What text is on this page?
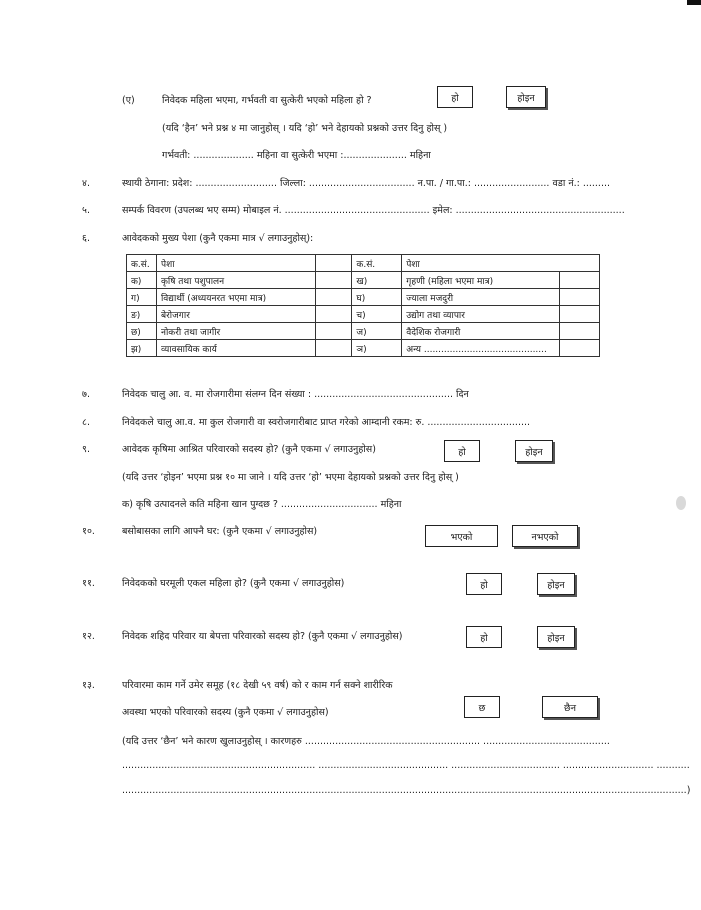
(ए)	निवेदक महिला भएमा, गर्भवती वा सुत्केरी भएको महिला हो ?	हो	होइन
(यदि ‘हैन’ भने प्रश्न ४ मा जानुहोस् । यदि ‘हो’ भने देहायको प्रश्नको उत्तर दिनु होस् )
गर्भवती: .................... महिना वा सुत्केरी भएमा :..................... महिना
४.	स्थायी ठेगाना: प्रदेश: ........................... जिल्ला: ................................... न.पा. / गा.पा.: ......................... वडा नं.: .........
५.	सम्पर्क विवरण (उपलब्ध भए सम्म) मोबाइल नं. ................................................ इमेल: ........................................................
६.	आवेदकको मुख्य पेशा (कुनै एकमा मात्र √ लगाउनुहोस्):
क.सं.	पेशा		क.सं.	पेशा	
क)	कृषि तथा पशुपालन		ख)	गृहणी (महिला भएमा मात्र)	
ग)	विद्यार्थी (अध्ययनरत भएमा मात्र)		घ)	ज्याला मजदुरी	
ङ)	बेरोजगार		च)	उद्योग तथा व्यापार	
छ)	नोकरी तथा जागीर		ज)	वैदेशिक रोजगारी	
झ)	व्यावसायिक कार्य		ञ)	अन्य ...........................................	
७.	निवेदक चालु आ. व. मा रोजगारीमा संलग्न दिन संख्या : .............................................. दिन
८.	निवेदकले चालु आ.व. मा कुल रोजगारी वा स्वरोजगारीबाट प्राप्त गरेको आम्दानी रकम: रु. ..................................
९.	आवेदक कृषिमा आश्रित परिवारको सदस्य हो? (कुनै एकमा √ लगाउनुहोस)	हो	होइन
(यदि उत्तर ‘होइन’ भएमा प्रश्न १० मा जाने । यदि उत्तर ‘हो’ भएमा देहायको प्रश्नको उत्तर दिनु होस् )
क) कृषि उत्पादनले कति महिना खान पुग्दछ ? ................................ महिना
१०.	बसोबासका लागि आफ्नै घर: (कुनै एकमा √ लगाउनुहोस)	भएको	नभएको
११.	निवेदकको घरमूली एकल महिला हो? (कुनै एकमा √ लगाउनुहोस)	हो	होइन
१२.	निवेदक शहिद परिवार या बेपत्ता परिवारको सदस्य हो? (कुनै एकमा √ लगाउनुहोस)	हो	होइन
१३.	परिवारमा काम गर्ने उमेर समूह (१८ देखी ५९ वर्ष) को र काम गर्न सक्ने शारीरिक
अवस्था भएको परिवारको सदस्य (कुनै एकमा √ लगाउनुहोस)	छ	छैन
(यदि उत्तर ‘छैन’ भने कारण खुलाउनुहोस् । कारणहरु .......................................................... ..........................................
................................................................ ........................................... .................................... .............................. ...........
...........................................................................................................................................................................................)
